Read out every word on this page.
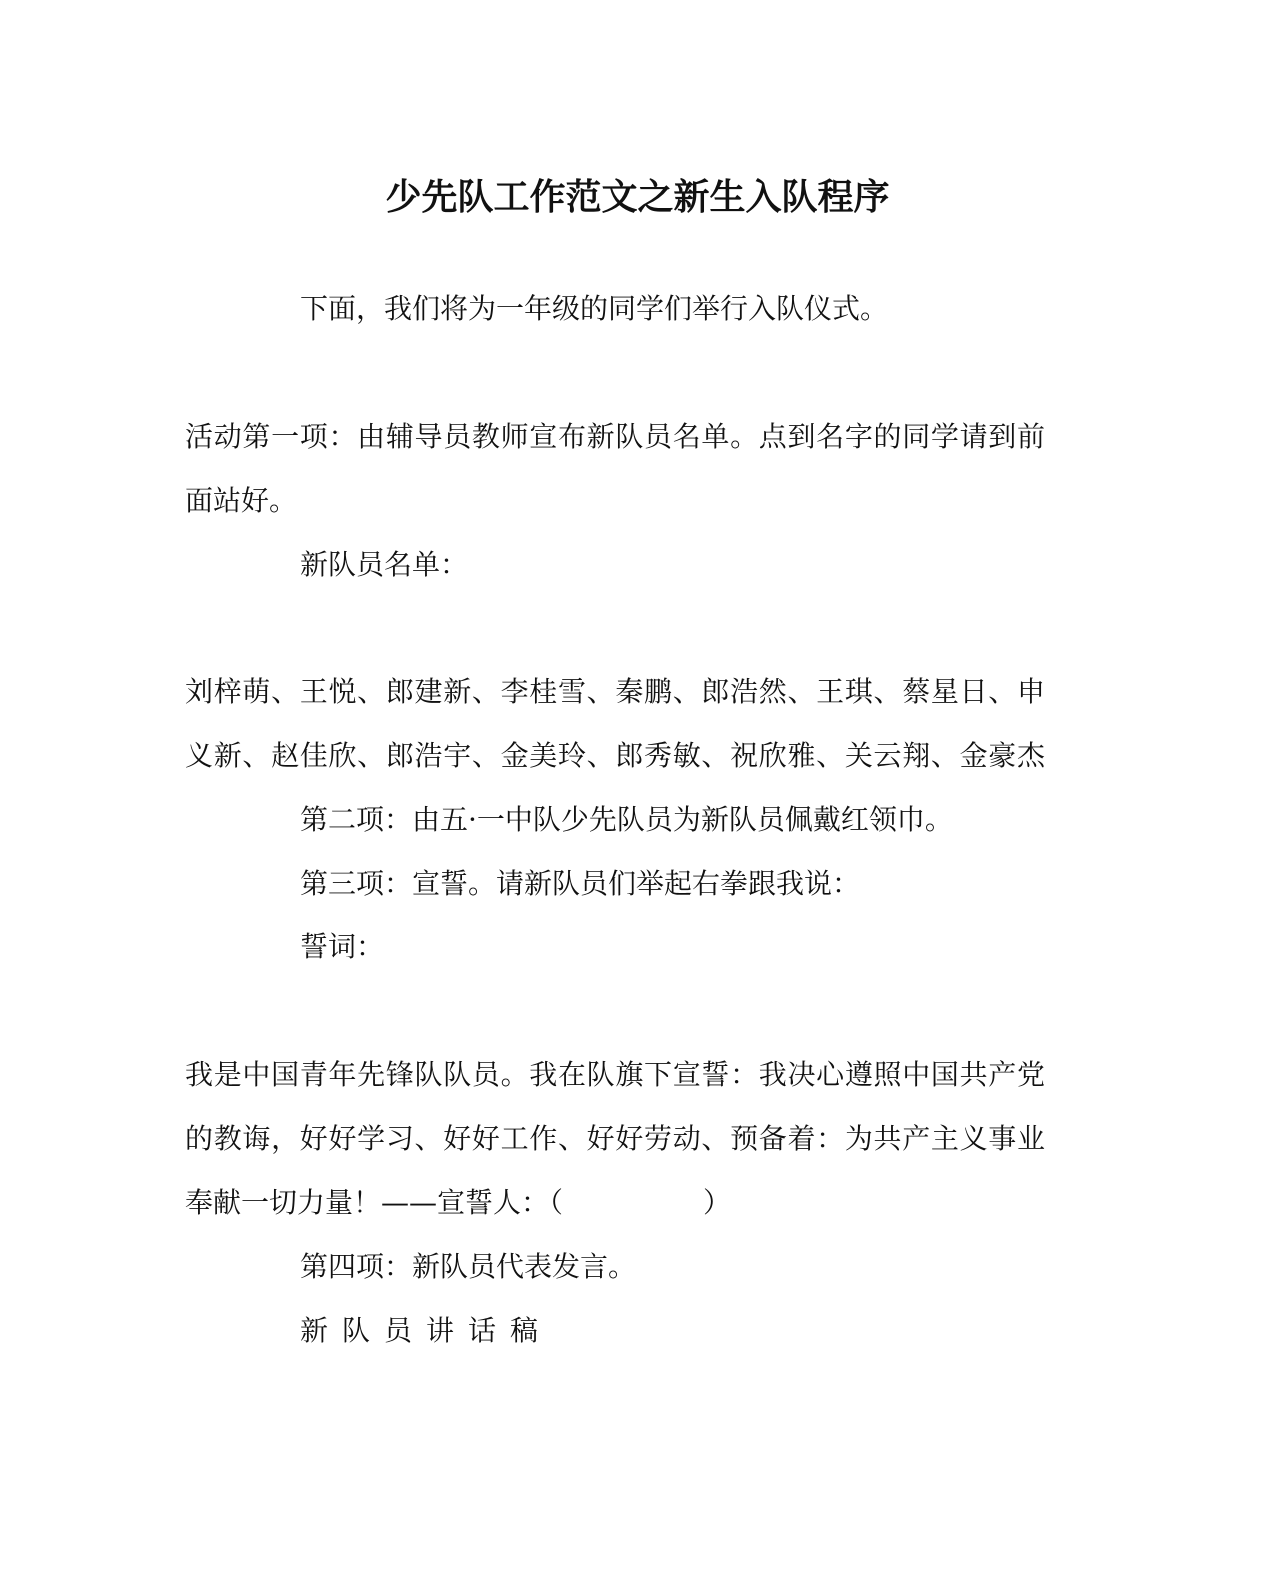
少先队工作范文之新生入队程序

下面，我们将为一年级的同学们举行入队仪式。

活动第一项：由辅导员教师宣布新队员名单。点到名字的同学请到前

面站好。

新队员名单：

刘梓萌、王悦、郎建新、李桂雪、秦鹏、郎浩然、王琪、蔡星日、申

义新、赵佳欣、郎浩宇、金美玲、郎秀敏、祝欣雅、关云翔、金豪杰

第二项：由五·一中队少先队员为新队员佩戴红领巾。

第三项：宣誓。请新队员们举起右拳跟我说：

誓词：

我是中国青年先锋队队员。我在队旗下宣誓：我决心遵照中国共产党

的教诲，好好学习、好好工作、好好劳动、预备着：为共产主义事业

奉献一切力量！——宣誓人：（　　　　　）

第四项：新队员代表发言。

新队员讲话稿
